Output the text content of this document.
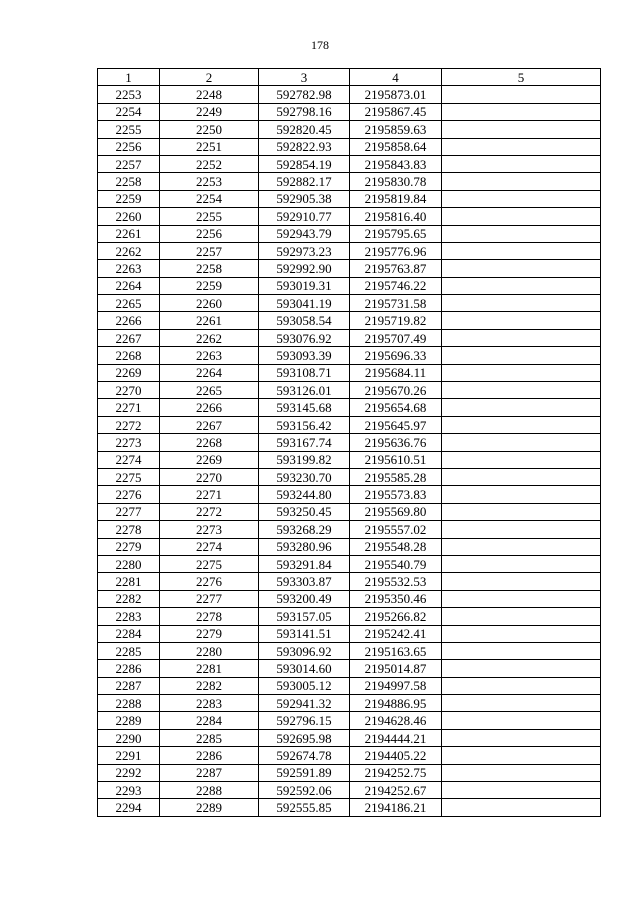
178
1	2	3	4	5
2253	2248	592782.98	2195873.01	
2254	2249	592798.16	2195867.45	
2255	2250	592820.45	2195859.63	
2256	2251	592822.93	2195858.64	
2257	2252	592854.19	2195843.83	
2258	2253	592882.17	2195830.78	
2259	2254	592905.38	2195819.84	
2260	2255	592910.77	2195816.40	
2261	2256	592943.79	2195795.65	
2262	2257	592973.23	2195776.96	
2263	2258	592992.90	2195763.87	
2264	2259	593019.31	2195746.22	
2265	2260	593041.19	2195731.58	
2266	2261	593058.54	2195719.82	
2267	2262	593076.92	2195707.49	
2268	2263	593093.39	2195696.33	
2269	2264	593108.71	2195684.11	
2270	2265	593126.01	2195670.26	
2271	2266	593145.68	2195654.68	
2272	2267	593156.42	2195645.97	
2273	2268	593167.74	2195636.76	
2274	2269	593199.82	2195610.51	
2275	2270	593230.70	2195585.28	
2276	2271	593244.80	2195573.83	
2277	2272	593250.45	2195569.80	
2278	2273	593268.29	2195557.02	
2279	2274	593280.96	2195548.28	
2280	2275	593291.84	2195540.79	
2281	2276	593303.87	2195532.53	
2282	2277	593200.49	2195350.46	
2283	2278	593157.05	2195266.82	
2284	2279	593141.51	2195242.41	
2285	2280	593096.92	2195163.65	
2286	2281	593014.60	2195014.87	
2287	2282	593005.12	2194997.58	
2288	2283	592941.32	2194886.95	
2289	2284	592796.15	2194628.46	
2290	2285	592695.98	2194444.21	
2291	2286	592674.78	2194405.22	
2292	2287	592591.89	2194252.75	
2293	2288	592592.06	2194252.67	
2294	2289	592555.85	2194186.21	
